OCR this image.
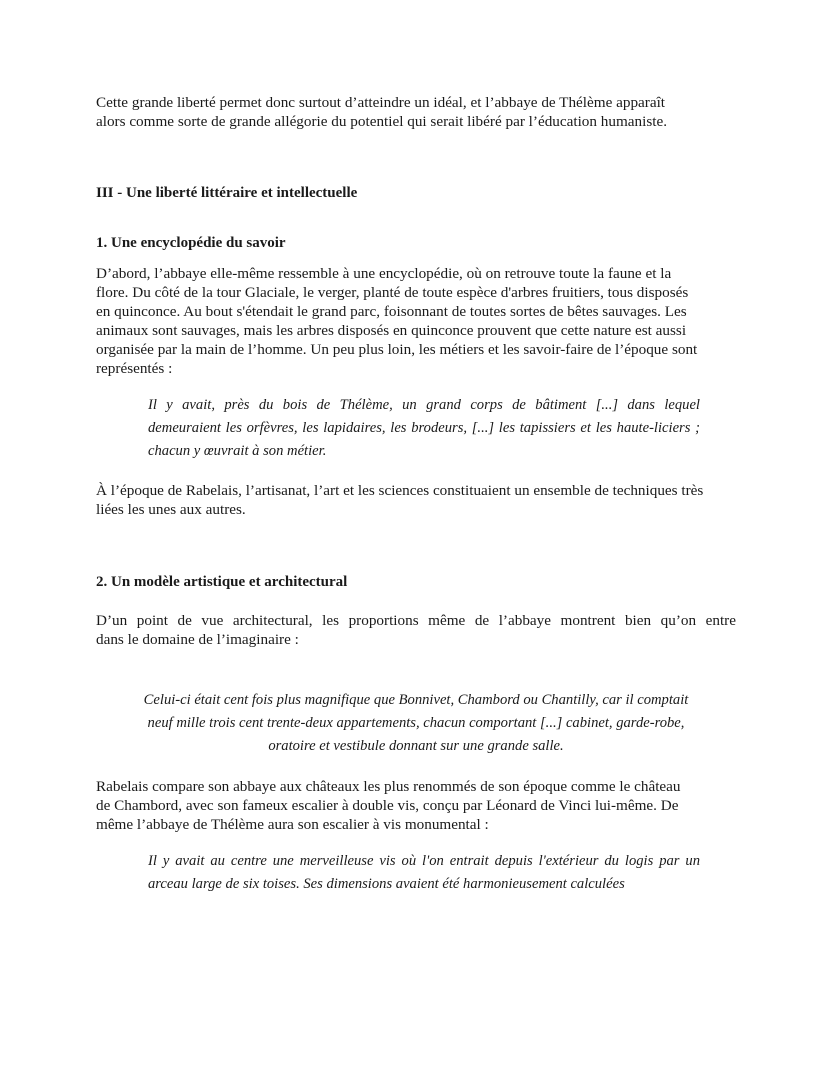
Cette grande liberté permet donc surtout d’atteindre un idéal, et l’abbaye de Thélème apparaît
alors comme sorte de grande allégorie du potentiel qui serait libéré par l’éducation humaniste.

III - Une liberté littéraire et intellectuelle
1. Une encyclopédie du savoir

D’abord, l’abbaye elle-même ressemble à une encyclopédie, où on retrouve toute la faune et la
flore. Du côté de la tour Glaciale, le verger, planté de toute espèce d'arbres fruitiers, tous disposés
en quinconce. Au bout s'étendait le grand parc, foisonnant de toutes sortes de bêtes sauvages. Les
animaux sont sauvages, mais les arbres disposés en quinconce prouvent que cette nature est aussi
organisée par la main de l’homme. Un peu plus loin, les métiers et les savoir-faire de l’époque sont
représentés :

Il y avait, près du bois de Thélème, un grand corps de bâtiment [...] dans lequel
demeuraient les orfèvres, les lapidaires, les brodeurs, [...] les tapissiers et les haute-liciers ;
chacun y œuvrait à son métier.

À l’époque de Rabelais, l’artisanat, l’art et les sciences constituaient un ensemble de techniques très
liées les unes aux autres.

2. Un modèle artistique et architectural

D’un point de vue architectural, les proportions même de l’abbaye montrent bien qu’on entre
dans le domaine de l’imaginaire :

Celui-ci était cent fois plus magnifique que Bonnivet, Chambord ou Chantilly, car il comptait
neuf mille trois cent trente-deux appartements, chacun comportant [...] cabinet, garde-robe,
oratoire et vestibule donnant sur une grande salle.

Rabelais compare son abbaye aux châteaux les plus renommés de son époque comme le château
de Chambord, avec son fameux escalier à double vis, conçu par Léonard de Vinci lui-même. De
même l’abbaye de Thélème aura son escalier à vis monumental :

Il y avait au centre une merveilleuse vis où l'on entrait depuis l'extérieur du logis par un
arceau large de six toises. Ses dimensions avaient été harmonieusement calculées
